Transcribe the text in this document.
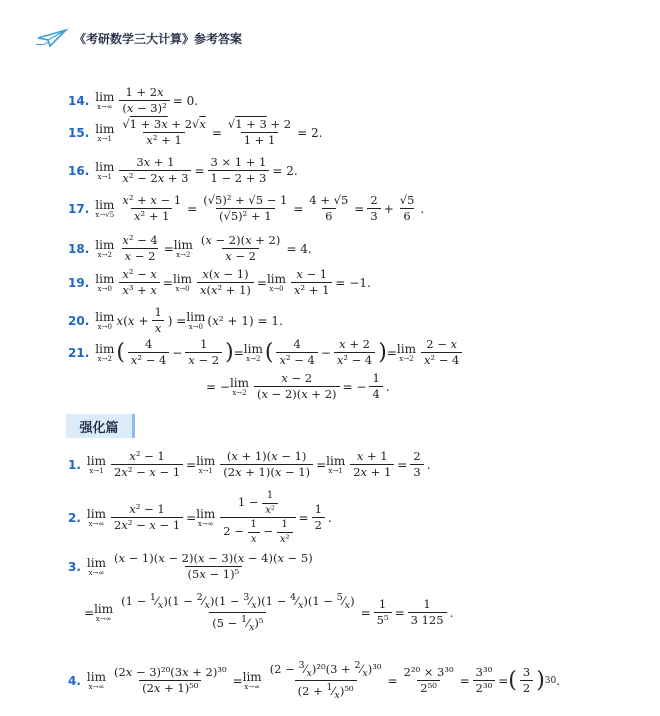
《考研数学三大计算》参考答案
14. lim
$x\to\infty \frac{1 + 2x}{\text{(x − 3)²}} = 0$.
15. lim
$x\to 1 \frac{√1 + 3x + 2√x}{\text{x² + 1}} = \frac{√1 + 3 + 2}{1 + 1} = 2$.
16. lim
$x\to 1 \frac{3x + 1}{\text{x² − 2x + 3}} = \frac{3 \times 1 + 1}{1 - 2 + 3} = 2$.
17. lim
$x\to√5 \frac{\text{x² + x − 1}}{\text{x² + 1}} = \frac{\text{(√5)² + √5 − 1}}{\text{(√5)² + 1}} = \frac{4 + √5}{6} = \frac{2}{3} + \frac{√5}{6}$ .
18. lim
$x\to 2 \frac{\text{x² − 4}}{x - 2} = \lim$
$x\to 2 \frac{(x - 2)(x + 2)}{x - 2} = 4$.
19. lim
$x\to 0 \frac{\text{x² − x}}{\text{x³ + x}} = \lim$
$x\to 0 \frac{x(x - 1)}{\text{x(x² + 1)}} = \lim$
$x\to 0 \frac{x - 1}{\text{x² + 1}} = -1$.
20. lim
x→0 $x(x + \frac{1}{x}$ ) = lim
x→0 (x² + 1) = 1.
21. lim
x→2 ( $\frac{4}{\text{x² − 4}} - \frac{1}{x - 2}$ ) = lim
x→2 ( $\frac{4}{\text{x² − 4}} - \frac{x + 2}{\text{x² − 4}}$ ) = lim
$x\to 2 \frac{2 - x}{\text{x² − 4}}$
= − lim
$x\to 2 \frac{x - 2}{(x - 2)(x + 2)}$ = − $\frac{1}{4}$ .
强化篇
1. lim
$x\to 1 \frac{\text{x² − 1}}{\text{2x² − x − 1}} = \lim$
$x\to 1 \frac{(x + 1)(x - 1)}{(2x + 1)(x - 1)} = \lim$
$x\to 1 \frac{x + 1}{2x + 1} = \frac{2}{3}$ .
2. lim
$x\to\infty \frac{\text{x² − 1}}{\text{2x² − x − 1}} = \lim$
$x\to\infty \frac{1 - \frac{1}{\text{x²}}}{2 - \frac{1}{x} - \frac{1}{\text{x²}}} = \frac{1}{2}$ .
3. lim
$x\to\infty \frac{(x - 1)(x - 2)(x - 3)(x - 4)(x - 5)}{\text{(5x − 1)⁵}}$
= lim
$x\to\infty \frac{(1 - ^1⁄_x)(1 - ^2⁄_x)(1 - ^3⁄_x)(1 - ^4⁄_x)(1 - ^5⁄_x)}{(5 - ^1⁄_x)^5} = \frac{1}{\text{5⁵}} = \frac{1}{3 125}$ .
4. lim
$x\to\infty \frac{\text{(2x − 3)²⁰(3x + 2)³⁰}}{\text{(2x + 1)⁵⁰}} = \lim$
$x\to\infty \frac{(2 - ^3⁄_x)^{20}(3 + ^2⁄_x)^{30}}{(2 + ^1⁄_x)^{50}} = \frac{\text{2²⁰ × 3³⁰}}{\text{2⁵⁰}} = \frac{\text{3³⁰}}{\text{2³⁰}}$ = ( $\frac{3}{2}$ ) 30 .
